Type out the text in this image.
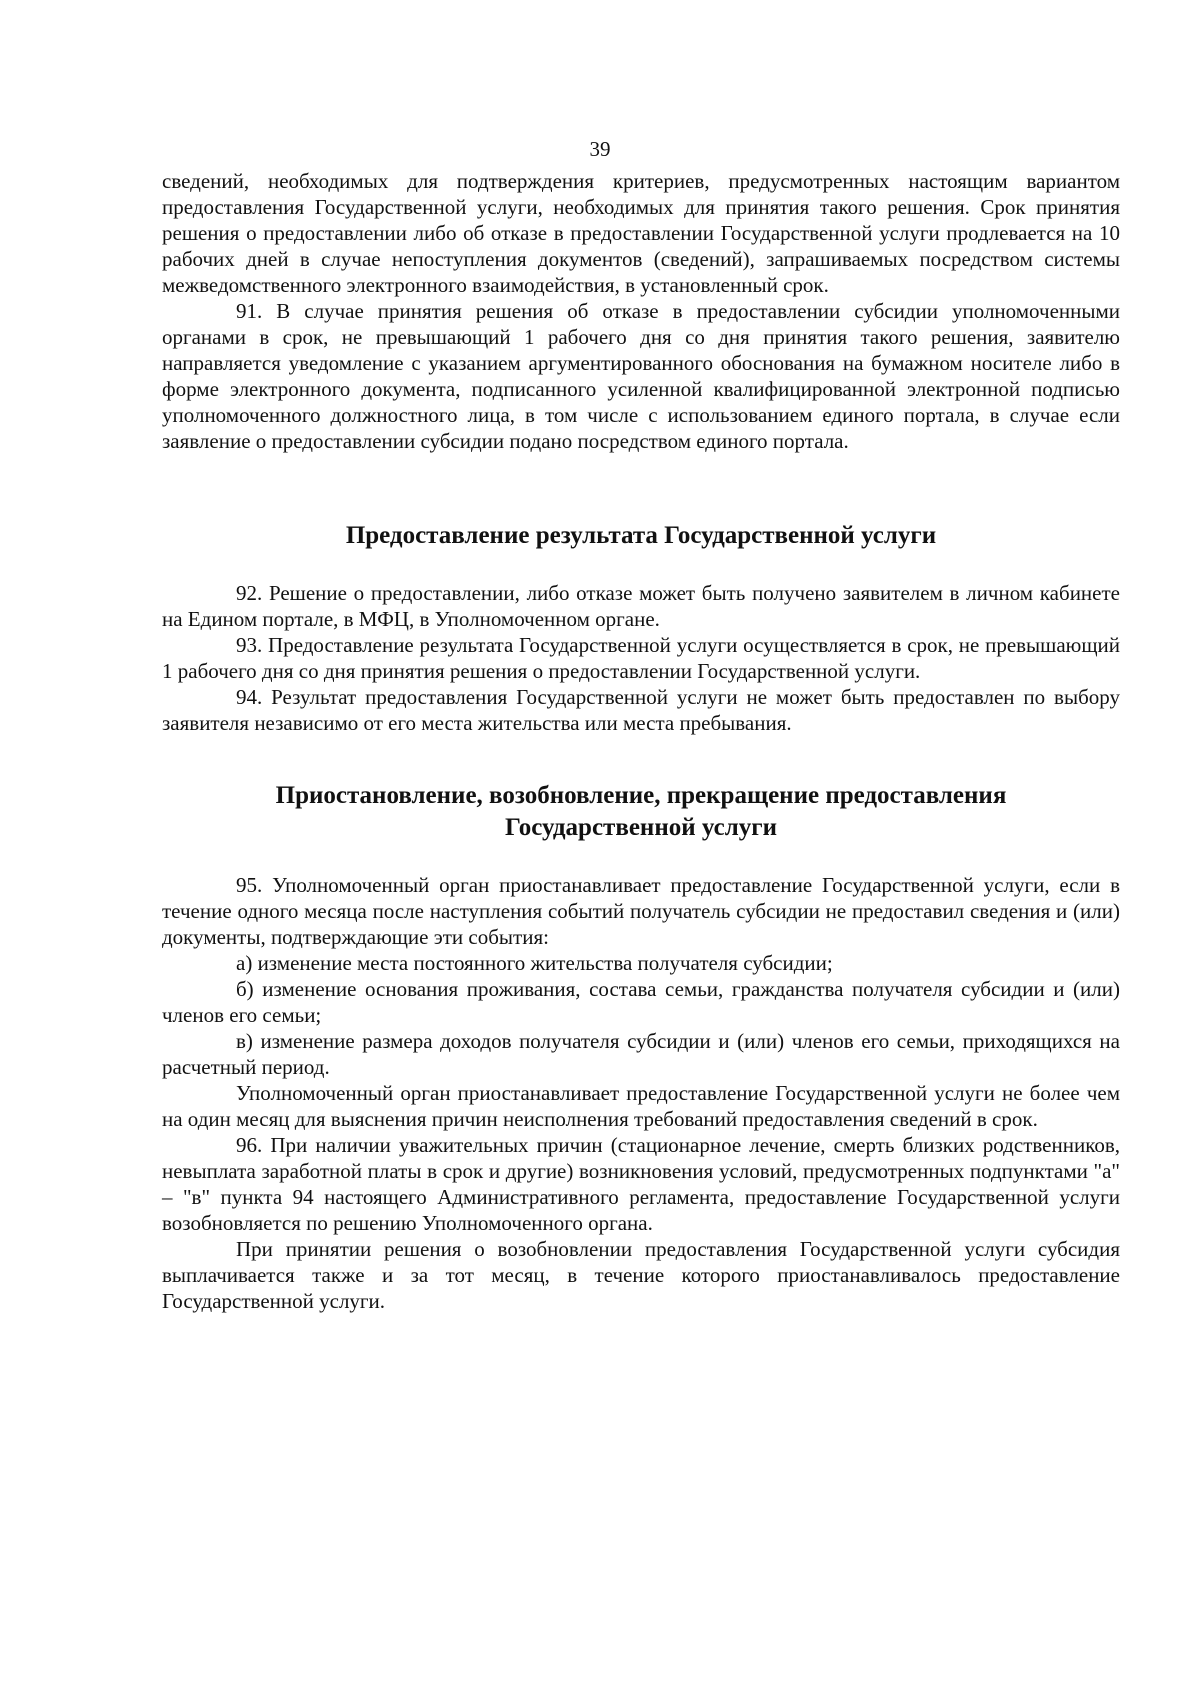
39

сведений, необходимых для подтверждения критериев, предусмотренных настоящим вариантом предоставления Государственной услуги, необходимых для принятия такого решения. Срок принятия решения о предоставлении либо об отказе в предоставлении Государственной услуги продлевается на 10 рабочих дней в случае непоступления документов (сведений), запрашиваемых посредством системы межведомственного электронного взаимодействия, в установленный срок.

91. В случае принятия решения об отказе в предоставлении субсидии уполномоченными органами в срок, не превышающий 1 рабочего дня со дня принятия такого решения, заявителю направляется уведомление с указанием аргументированного обоснования на бумажном носителе либо в форме электронного документа, подписанного усиленной квалифицированной электронной подписью уполномоченного должностного лица, в том числе с использованием единого портала, в случае если заявление о предоставлении субсидии подано посредством единого портала.

Предоставление результата Государственной услуги

92. Решение о предоставлении, либо отказе может быть получено заявителем в личном кабинете на Едином портале, в МФЦ, в Уполномоченном органе.

93. Предоставление результата Государственной услуги осуществляется в срок, не превышающий 1 рабочего дня со дня принятия решения о предоставлении Государственной услуги.

94. Результат предоставления Государственной услуги не может быть предоставлен по выбору заявителя независимо от его места жительства или места пребывания.

Приостановление, возобновление, прекращение предоставления
Государственной услуги

95. Уполномоченный орган приостанавливает предоставление Государственной услуги, если в течение одного месяца после наступления событий получатель субсидии не предоставил сведения и (или) документы, подтверждающие эти события:

а) изменение места постоянного жительства получателя субсидии;

б) изменение основания проживания, состава семьи, гражданства получателя субсидии и (или) членов его семьи;

в) изменение размера доходов получателя субсидии и (или) членов его семьи, приходящихся на расчетный период.

Уполномоченный орган приостанавливает предоставление Государственной услуги не более чем на один месяц для выяснения причин неисполнения требований предоставления сведений в срок.

96. При наличии уважительных причин (стационарное лечение, смерть близких родственников, невыплата заработной платы в срок и другие) возникновения условий, предусмотренных подпунктами "а" – "в" пункта 94 настоящего Административного регламента, предоставление Государственной услуги возобновляется по решению Уполномоченного органа.

При принятии решения о возобновлении предоставления Государственной услуги субсидия выплачивается также и за тот месяц, в течение которого приостанавливалось предоставление Государственной услуги.
